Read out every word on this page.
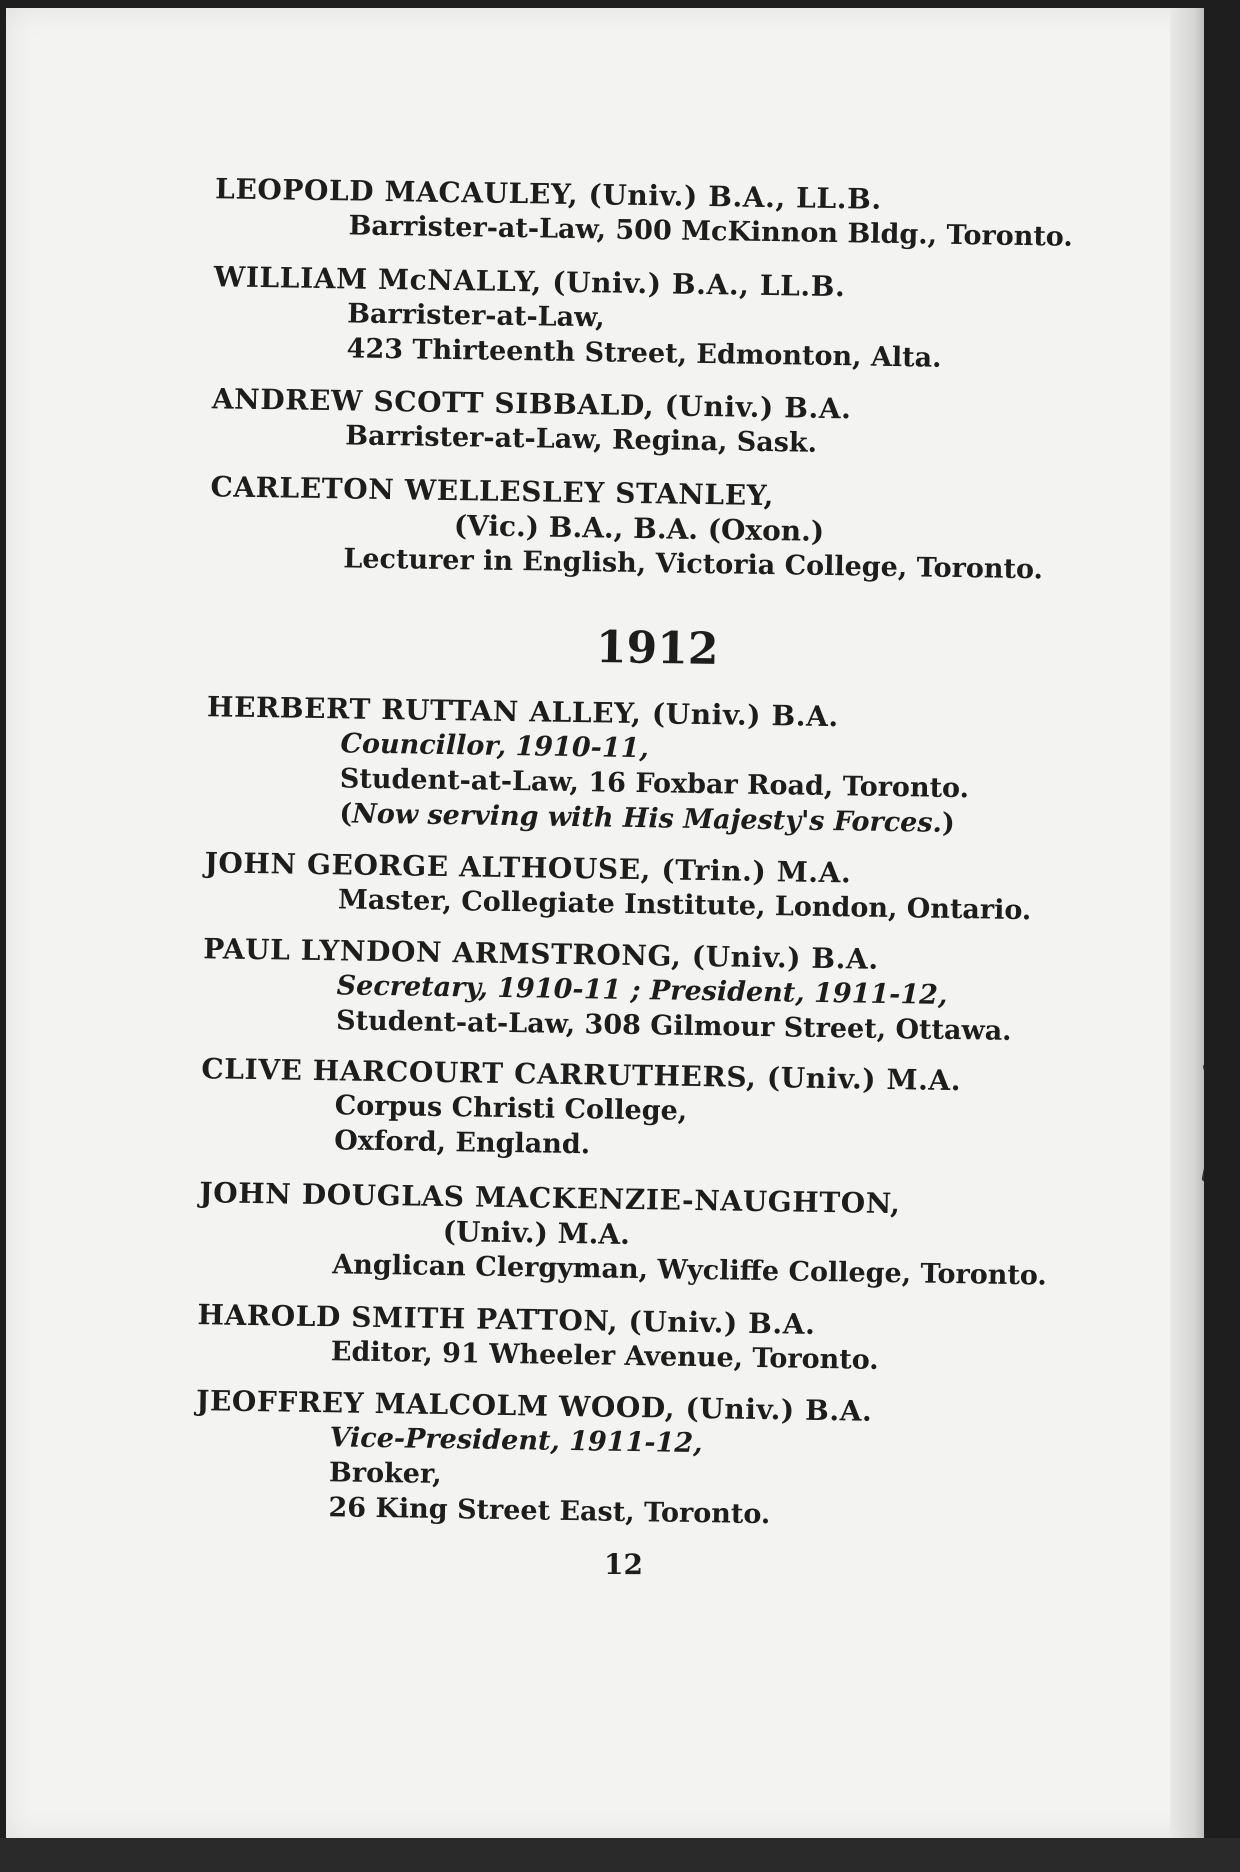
LEOPOLD MACAULEY, (Univ.) B.A., LL.B.
Barrister-at-Law, 500 McKinnon Bldg., Toronto.
WILLIAM McNALLY, (Univ.) B.A., LL.B.
Barrister-at-Law,
423 Thirteenth Street, Edmonton, Alta.
ANDREW SCOTT SIBBALD, (Univ.) B.A.
Barrister-at-Law, Regina, Sask.
CARLETON WELLESLEY STANLEY,
(Vic.) B.A., B.A. (Oxon.)
Lecturer in English, Victoria College, Toronto.
HERBERT RUTTAN ALLEY, (Univ.) B.A.
Councillor, 1910-11,
Student-at-Law, 16 Foxbar Road, Toronto.
(Now serving with His Majesty's Forces.)
JOHN GEORGE ALTHOUSE, (Trin.) M.A.
Master, Collegiate Institute, London, Ontario.
PAUL LYNDON ARMSTRONG, (Univ.) B.A.
Secretary, 1910-11 ; President, 1911-12,
Student-at-Law, 308 Gilmour Street, Ottawa.
CLIVE HARCOURT CARRUTHERS, (Univ.) M.A.
Corpus Christi College,
Oxford, England.
JOHN DOUGLAS MACKENZIE-NAUGHTON,
(Univ.) M.A.
Anglican Clergyman, Wycliffe College, Toronto.
HAROLD SMITH PATTON, (Univ.) B.A.
Editor, 91 Wheeler Avenue, Toronto.
JEOFFREY MALCOLM WOOD, (Univ.) B.A.
Vice-President, 1911-12,
Broker,
26 King Street East, Toronto.
1912
12
